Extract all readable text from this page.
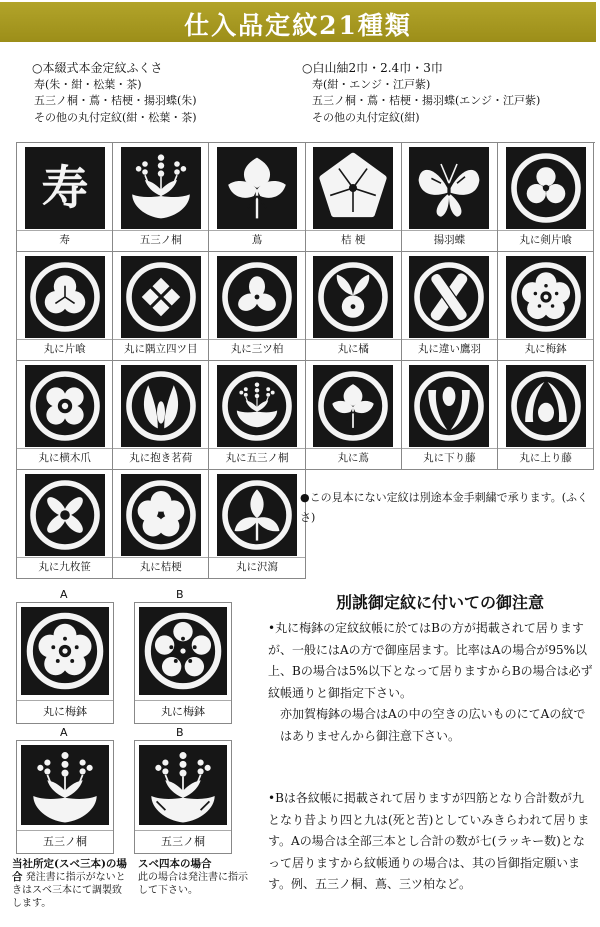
仕入品定紋21種類
○本綴式本金定紋ふくさ
寿(朱・紺・松葉・茶)
五三ノ桐・蔦・桔梗・揚羽蝶(朱)
その他の丸付定紋(紺・松葉・茶)
○白山紬2巾・2.4巾・3巾
寿(紺・エンジ・江戸紫)
五三ノ桐・蔦・桔梗・揚羽蝶(エンジ・江戸紫)
その他の丸付定紋(紺)
寿
寿	五三ノ桐	蔦	桔 梗	揚羽蝶	丸に剣片喰
丸に片喰	丸に隅立四ツ目	丸に三ツ柏	丸に橘	丸に違い鷹羽	丸に梅鉢
丸に横木爪	丸に抱き茗荷	丸に五三ノ桐	丸に蔦	丸に下り藤	丸に上り藤
丸に九枚笹	丸に桔梗	丸に沢瀉
●この見本にない定紋は別途本金手刺繍で承ります。(ふくさ)
A	B
丸に梅鉢	丸に梅鉢
A	B
五三ノ桐	五三ノ桐
当社所定(スベ三本)の場合 発注書に指示がないときはスベ三本にて調製致します。
スベ四本の場合
此の場合は発注書に指示して下さい。
別誂御定紋に付いての御注意

•丸に梅鉢の定紋紋帳に於てはBの方が掲載されて居りますが、一般にはAの方で御座居ます。比率はAの場合が95%以上、Bの場合は5%以下となって居りますからBの場合は必ず紋帳通りと御指定下さい。

亦加賀梅鉢の場合はAの中の空きの広いものにてAの紋ではありませんから御注意下さい。

•Bは各紋帳に掲載されて居りますが四筋となり合計数が九となり昔より四と九は(死と苦)としていみきらわれて居ります。Aの場合は全部三本とし合計の数が七(ラッキー数)となって居りますから紋帳通りの場合は、其の旨御指定願います。例、五三ノ桐、蔦、三ツ柏など。
